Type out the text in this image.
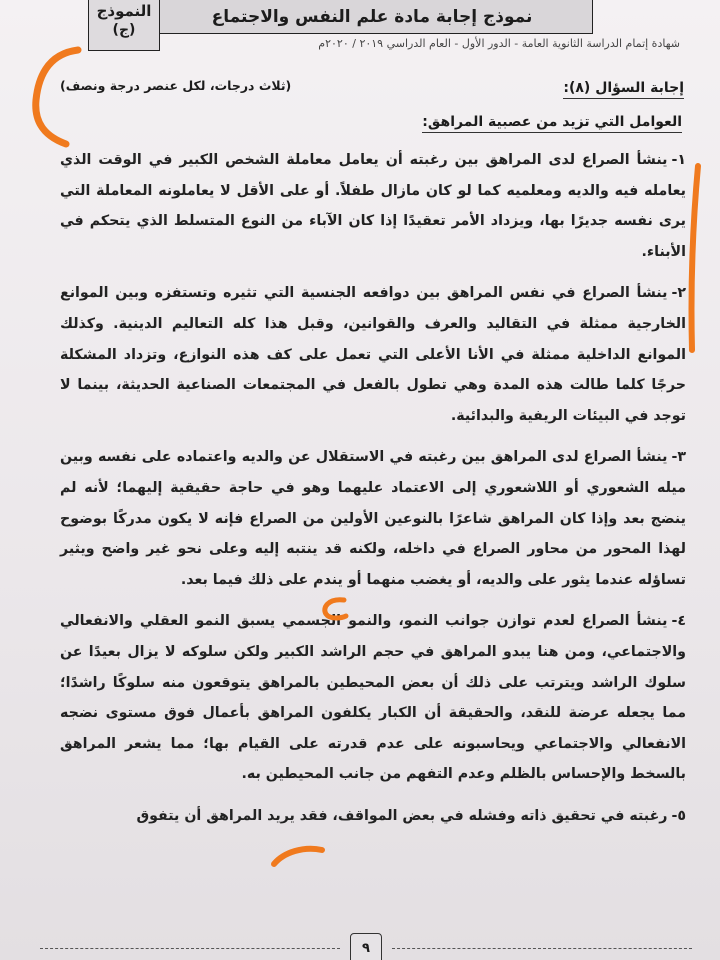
نموذج إجابة مادة علم النفس والاجتماع
النموذج
(ج)
شهادة إتمام الدراسة الثانوية العامة - الدور الأول - العام الدراسي ٢٠١٩ / ٢٠٢٠م
إجابة السؤال (٨):
(ثلاث درجات، لكل عنصر درجة ونصف)
العوامل التي تزيد من عصبية المراهق:

١-ينشأ الصراع لدى المراهق بين رغبته أن يعامل معاملة الشخص الكبير في الوقت الذي يعامله فيه والديه ومعلميه كما لو كان مازال طفلاً. أو على الأقل لا يعاملونه المعاملة التي يرى نفسه جديرًا بها، ويزداد الأمر تعقيدًا إذا كان الآباء من النوع المتسلط الذي يتحكم في الأبناء.

٢-ينشأ الصراع في نفس المراهق بين دوافعه الجنسية التي تثيره وتستفزه وبين الموانع الخارجية ممثلة في التقاليد والعرف والقوانين، وقبل هذا كله التعاليم الدينية. وكذلك الموانع الداخلية ممثلة في الأنا الأعلى التي تعمل على كف هذه النوازع، وتزداد المشكلة حرجًا كلما طالت هذه المدة وهي تطول بالفعل في المجتمعات الصناعية الحديثة، بينما لا توجد في البيئات الريفية والبدائية.

٣-ينشأ الصراع لدى المراهق بين رغبته في الاستقلال عن والديه واعتماده على نفسه وبين ميله الشعوري أو اللاشعوري إلى الاعتماد عليهما وهو في حاجة حقيقية إليهما؛ لأنه لم ينضج بعد وإذا كان المراهق شاعرًا بالنوعين الأولين من الصراع فإنه لا يكون مدركًا بوضوح لهذا المحور من محاور الصراع في داخله، ولكنه قد ينتبه إليه وعلى نحو غير واضح ويثير تساؤله عندما يثور على والديه، أو يغضب منهما أو يندم على ذلك فيما بعد.

٤-ينشأ الصراع لعدم توازن جوانب النمو، والنمو الجسمي يسبق النمو العقلي والانفعالي والاجتماعي، ومن هنا يبدو المراهق في حجم الراشد الكبير ولكن سلوكه لا يزال بعيدًا عن سلوك الراشد ويترتب على ذلك أن بعض المحيطين بالمراهق يتوقعون منه سلوكًا راشدًا؛ مما يجعله عرضة للنقد، والحقيقة أن الكبار يكلفون المراهق بأعمال فوق مستوى نضجه الانفعالي والاجتماعي ويحاسبونه على عدم قدرته على القيام بها؛ مما يشعر المراهق بالسخط والإحساس بالظلم وعدم التفهم من جانب المحيطين به.

٥-رغبته في تحقيق ذاته وفشله في بعض المواقف، فقد يريد المراهق أن يتفوق

٩
